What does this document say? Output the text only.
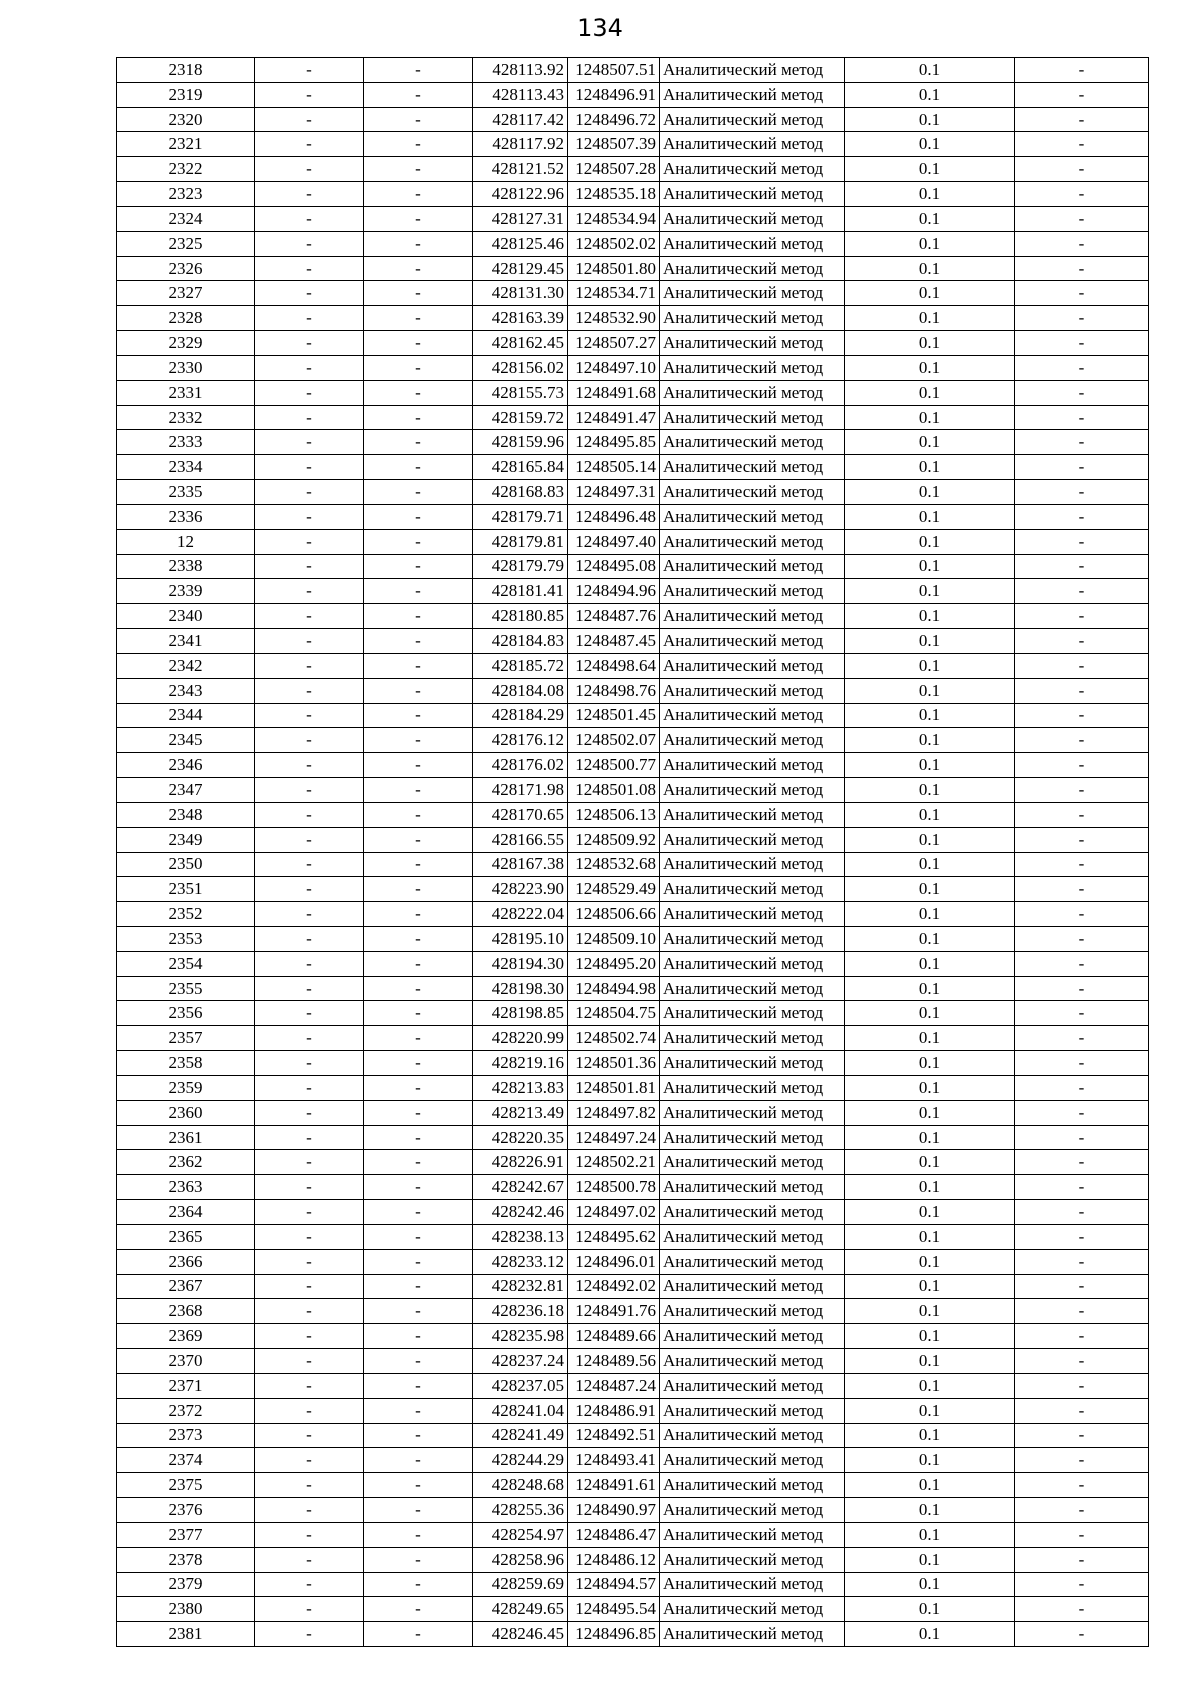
134
2318	-	-	428113.92	1248507.51	Аналитический метод	0.1	-
2319	-	-	428113.43	1248496.91	Аналитический метод	0.1	-
2320	-	-	428117.42	1248496.72	Аналитический метод	0.1	-
2321	-	-	428117.92	1248507.39	Аналитический метод	0.1	-
2322	-	-	428121.52	1248507.28	Аналитический метод	0.1	-
2323	-	-	428122.96	1248535.18	Аналитический метод	0.1	-
2324	-	-	428127.31	1248534.94	Аналитический метод	0.1	-
2325	-	-	428125.46	1248502.02	Аналитический метод	0.1	-
2326	-	-	428129.45	1248501.80	Аналитический метод	0.1	-
2327	-	-	428131.30	1248534.71	Аналитический метод	0.1	-
2328	-	-	428163.39	1248532.90	Аналитический метод	0.1	-
2329	-	-	428162.45	1248507.27	Аналитический метод	0.1	-
2330	-	-	428156.02	1248497.10	Аналитический метод	0.1	-
2331	-	-	428155.73	1248491.68	Аналитический метод	0.1	-
2332	-	-	428159.72	1248491.47	Аналитический метод	0.1	-
2333	-	-	428159.96	1248495.85	Аналитический метод	0.1	-
2334	-	-	428165.84	1248505.14	Аналитический метод	0.1	-
2335	-	-	428168.83	1248497.31	Аналитический метод	0.1	-
2336	-	-	428179.71	1248496.48	Аналитический метод	0.1	-
12	-	-	428179.81	1248497.40	Аналитический метод	0.1	-
2338	-	-	428179.79	1248495.08	Аналитический метод	0.1	-
2339	-	-	428181.41	1248494.96	Аналитический метод	0.1	-
2340	-	-	428180.85	1248487.76	Аналитический метод	0.1	-
2341	-	-	428184.83	1248487.45	Аналитический метод	0.1	-
2342	-	-	428185.72	1248498.64	Аналитический метод	0.1	-
2343	-	-	428184.08	1248498.76	Аналитический метод	0.1	-
2344	-	-	428184.29	1248501.45	Аналитический метод	0.1	-
2345	-	-	428176.12	1248502.07	Аналитический метод	0.1	-
2346	-	-	428176.02	1248500.77	Аналитический метод	0.1	-
2347	-	-	428171.98	1248501.08	Аналитический метод	0.1	-
2348	-	-	428170.65	1248506.13	Аналитический метод	0.1	-
2349	-	-	428166.55	1248509.92	Аналитический метод	0.1	-
2350	-	-	428167.38	1248532.68	Аналитический метод	0.1	-
2351	-	-	428223.90	1248529.49	Аналитический метод	0.1	-
2352	-	-	428222.04	1248506.66	Аналитический метод	0.1	-
2353	-	-	428195.10	1248509.10	Аналитический метод	0.1	-
2354	-	-	428194.30	1248495.20	Аналитический метод	0.1	-
2355	-	-	428198.30	1248494.98	Аналитический метод	0.1	-
2356	-	-	428198.85	1248504.75	Аналитический метод	0.1	-
2357	-	-	428220.99	1248502.74	Аналитический метод	0.1	-
2358	-	-	428219.16	1248501.36	Аналитический метод	0.1	-
2359	-	-	428213.83	1248501.81	Аналитический метод	0.1	-
2360	-	-	428213.49	1248497.82	Аналитический метод	0.1	-
2361	-	-	428220.35	1248497.24	Аналитический метод	0.1	-
2362	-	-	428226.91	1248502.21	Аналитический метод	0.1	-
2363	-	-	428242.67	1248500.78	Аналитический метод	0.1	-
2364	-	-	428242.46	1248497.02	Аналитический метод	0.1	-
2365	-	-	428238.13	1248495.62	Аналитический метод	0.1	-
2366	-	-	428233.12	1248496.01	Аналитический метод	0.1	-
2367	-	-	428232.81	1248492.02	Аналитический метод	0.1	-
2368	-	-	428236.18	1248491.76	Аналитический метод	0.1	-
2369	-	-	428235.98	1248489.66	Аналитический метод	0.1	-
2370	-	-	428237.24	1248489.56	Аналитический метод	0.1	-
2371	-	-	428237.05	1248487.24	Аналитический метод	0.1	-
2372	-	-	428241.04	1248486.91	Аналитический метод	0.1	-
2373	-	-	428241.49	1248492.51	Аналитический метод	0.1	-
2374	-	-	428244.29	1248493.41	Аналитический метод	0.1	-
2375	-	-	428248.68	1248491.61	Аналитический метод	0.1	-
2376	-	-	428255.36	1248490.97	Аналитический метод	0.1	-
2377	-	-	428254.97	1248486.47	Аналитический метод	0.1	-
2378	-	-	428258.96	1248486.12	Аналитический метод	0.1	-
2379	-	-	428259.69	1248494.57	Аналитический метод	0.1	-
2380	-	-	428249.65	1248495.54	Аналитический метод	0.1	-
2381	-	-	428246.45	1248496.85	Аналитический метод	0.1	-
